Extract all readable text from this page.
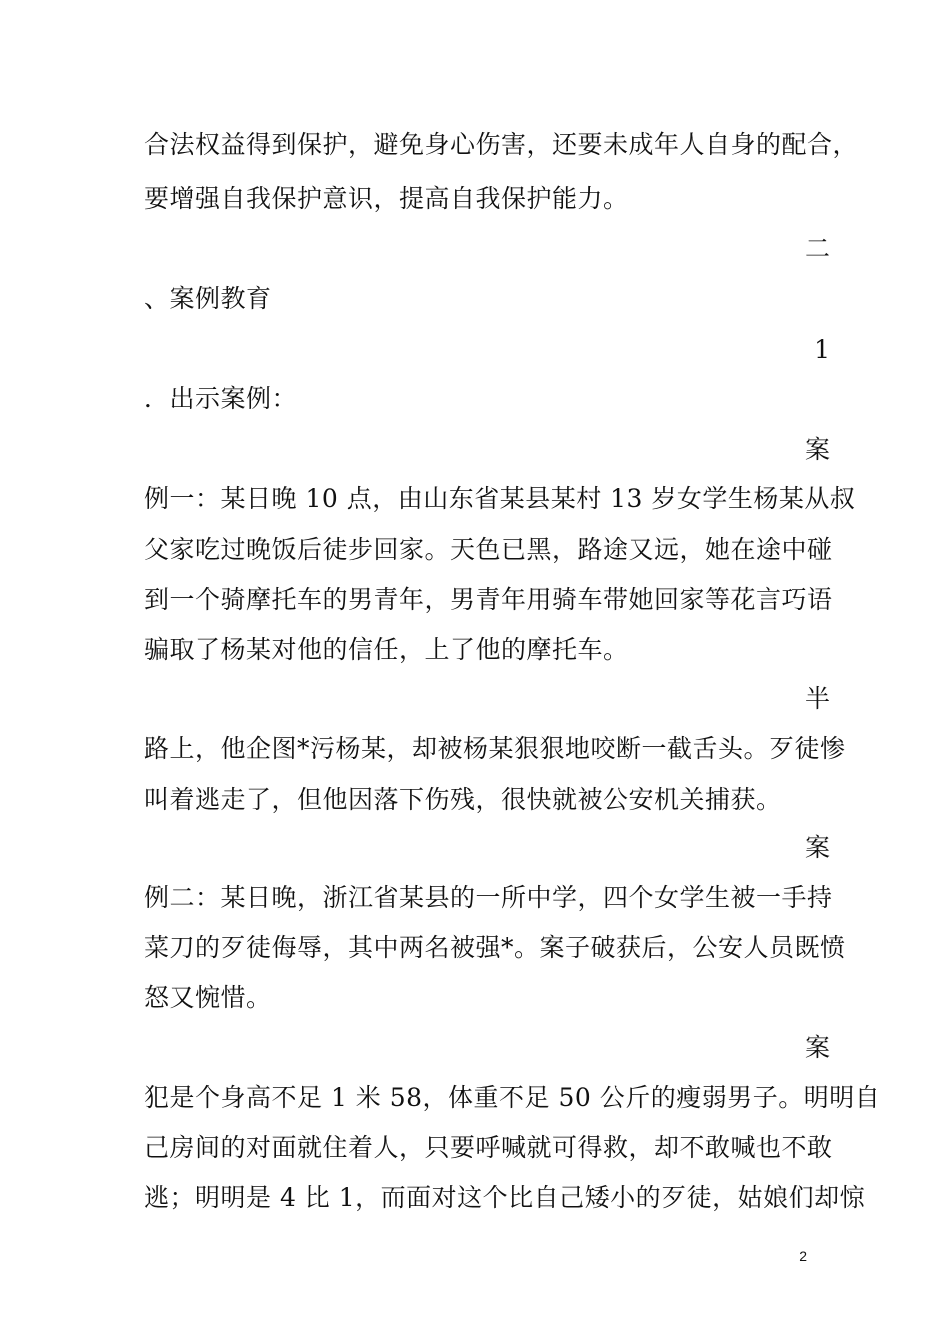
合法权益得到保护，避免身心伤害，还要未成年人自身的配合，
要增强自我保护意识，提高自我保护能力。
二
、案例教育
1
．出示案例：
案
例一：某日晚 10 点，由山东省某县某村 13 岁女学生杨某从叔
父家吃过晚饭后徒步回家。天色已黑，路途又远，她在途中碰
到一个骑摩托车的男青年，男青年用骑车带她回家等花言巧语
骗取了杨某对他的信任，上了他的摩托车。
半
路上，他企图*污杨某，却被杨某狠狠地咬断一截舌头。歹徒惨
叫着逃走了，但他因落下伤残，很快就被公安机关捕获。
案
例二：某日晚，浙江省某县的一所中学，四个女学生被一手持
菜刀的歹徒侮辱，其中两名被强*。案子破获后，公安人员既愤
怒又惋惜。
案
犯是个身高不足 1 米 58，体重不足 50 公斤的瘦弱男子。明明自
己房间的对面就住着人，只要呼喊就可得救，却不敢喊也不敢
逃；明明是 4 比 1，而面对这个比自己矮小的歹徒，姑娘们却惊
2
